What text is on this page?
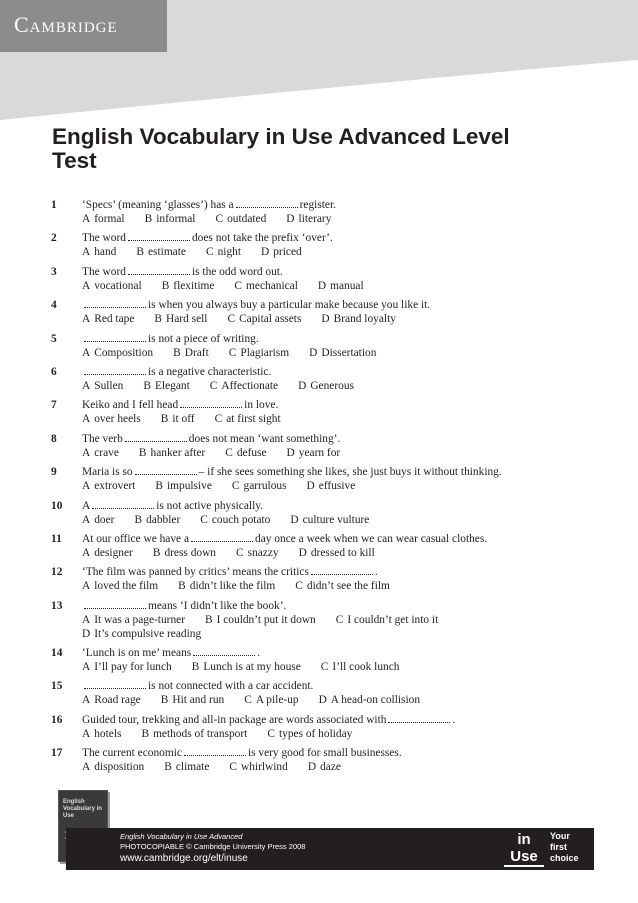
Cambridge
English Vocabulary in Use Advanced Level Test
1 ‘Specs’ (meaning ‘glasses’) has a	register.
A formal B informal C outdated D literary
2 The word	does not take the prefix ‘over’.
A hand B estimate C night D priced
3 The word	is the odd word out.
A vocational B flexitime C mechanical D manual
4	is when you always buy a particular make because you like it.
A Red tape B Hard sell C Capital assets D Brand loyalty
5	is not a piece of writing.
A Composition B Draft C Plagiarism D Dissertation
6	is a negative characteristic.
A Sullen B Elegant C Affectionate D Generous
7 Keiko and I fell head	in love.
A over heels B it off C at first sight
8 The verb	does not mean ‘want something’.
A crave B hanker after C defuse D yearn for
9 Maria is so	– if she sees something she likes, she just buys it without thinking.
A extrovert B impulsive C garrulous D effusive
10 A	is not active physically.
A doer B dabbler C couch potato D culture vulture
11 At our office we have a	day once a week when we can wear casual clothes.
A designer B dress down C snazzy D dressed to kill
12 ‘The film was panned by critics’ means the critics	.
A loved the film B didn’t like the film C didn’t see the film
13	means ‘I didn’t like the book’.
A It was a page-turner B I couldn’t put it down C I couldn’t get into it
D It’s compulsive reading
14 ‘Lunch is on me’ means	.
A I’ll pay for lunch B Lunch is at my house C I’ll cook lunch
15	is not connected with a car accident.
A Road rage B Hit and run C A pile-up D A head-on collision
16 Guided tour, trekking and all-in package are words associated with	.
A hotels B methods of transport C types of holiday
17 The current economic	is very good for small businesses.
A disposition B climate C whirlwind D daze
English Vocabulary in Use
English Vocabulary in Use Advanced
PHOTOCOPIABLE © Cambridge University Press 2008
www.cambridge.org/elt/inuse
in
Use
Your
first
choice
